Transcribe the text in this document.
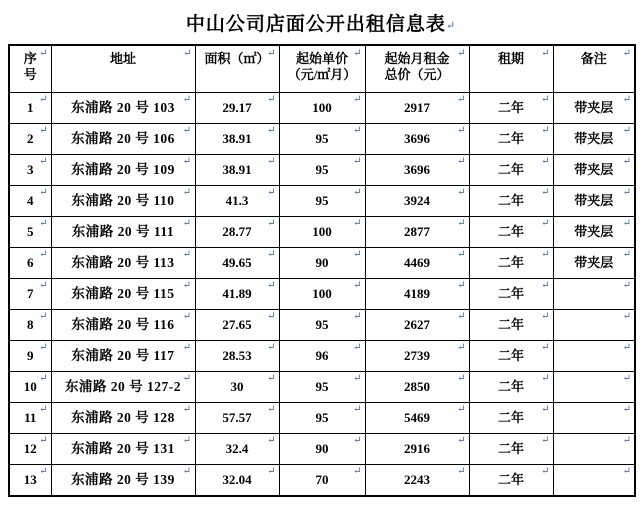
中山公司店面公开出租信息表↵
序
号
↵	地址 ↵	面积（㎡）
↵	起始单价
（元/㎡月）
↵	起始月租金
总价（元）
↵	租期 ↵	备注 ↵

1
↵	东浦路 20 号 103
↵	29.17
↵	100
↵	2917
↵	二年
↵	带夹层
↵

2
↵	东浦路 20 号 106
↵	38.91
↵	95
↵	3696
↵	二年
↵	带夹层
↵

3
↵	东浦路 20 号 109
↵	38.91
↵	95
↵	3696
↵	二年
↵	带夹层
↵

4
↵	东浦路 20 号 110
↵	41.3
↵	95
↵	3924
↵	二年
↵	带夹层
↵

5
↵	东浦路 20 号 111
↵	28.77
↵	100
↵	2877
↵	二年
↵	带夹层
↵

6
↵	东浦路 20 号 113
↵	49.65
↵	90
↵	4469
↵	二年
↵	带夹层
↵

7
↵	东浦路 20 号 115
↵	41.89
↵	100
↵	4189
↵	二年
↵	↵

8
↵	东浦路 20 号 116
↵	27.65
↵	95
↵	2627
↵	二年
↵	↵

9
↵	东浦路 20 号 117
↵	28.53
↵	96
↵	2739
↵	二年
↵	↵

10
↵	东浦路 20 号 127-2
↵	30
↵	95
↵	2850
↵	二年
↵	↵

11
↵	东浦路 20 号 128
↵	57.57
↵	95
↵	5469
↵	二年
↵	↵

12
↵	东浦路 20 号 131
↵	32.4
↵	90
↵	2916
↵	二年
↵	↵

13
↵	东浦路 20 号 139
↵	32.04
↵	70
↵	2243
↵	二年
↵	↵
